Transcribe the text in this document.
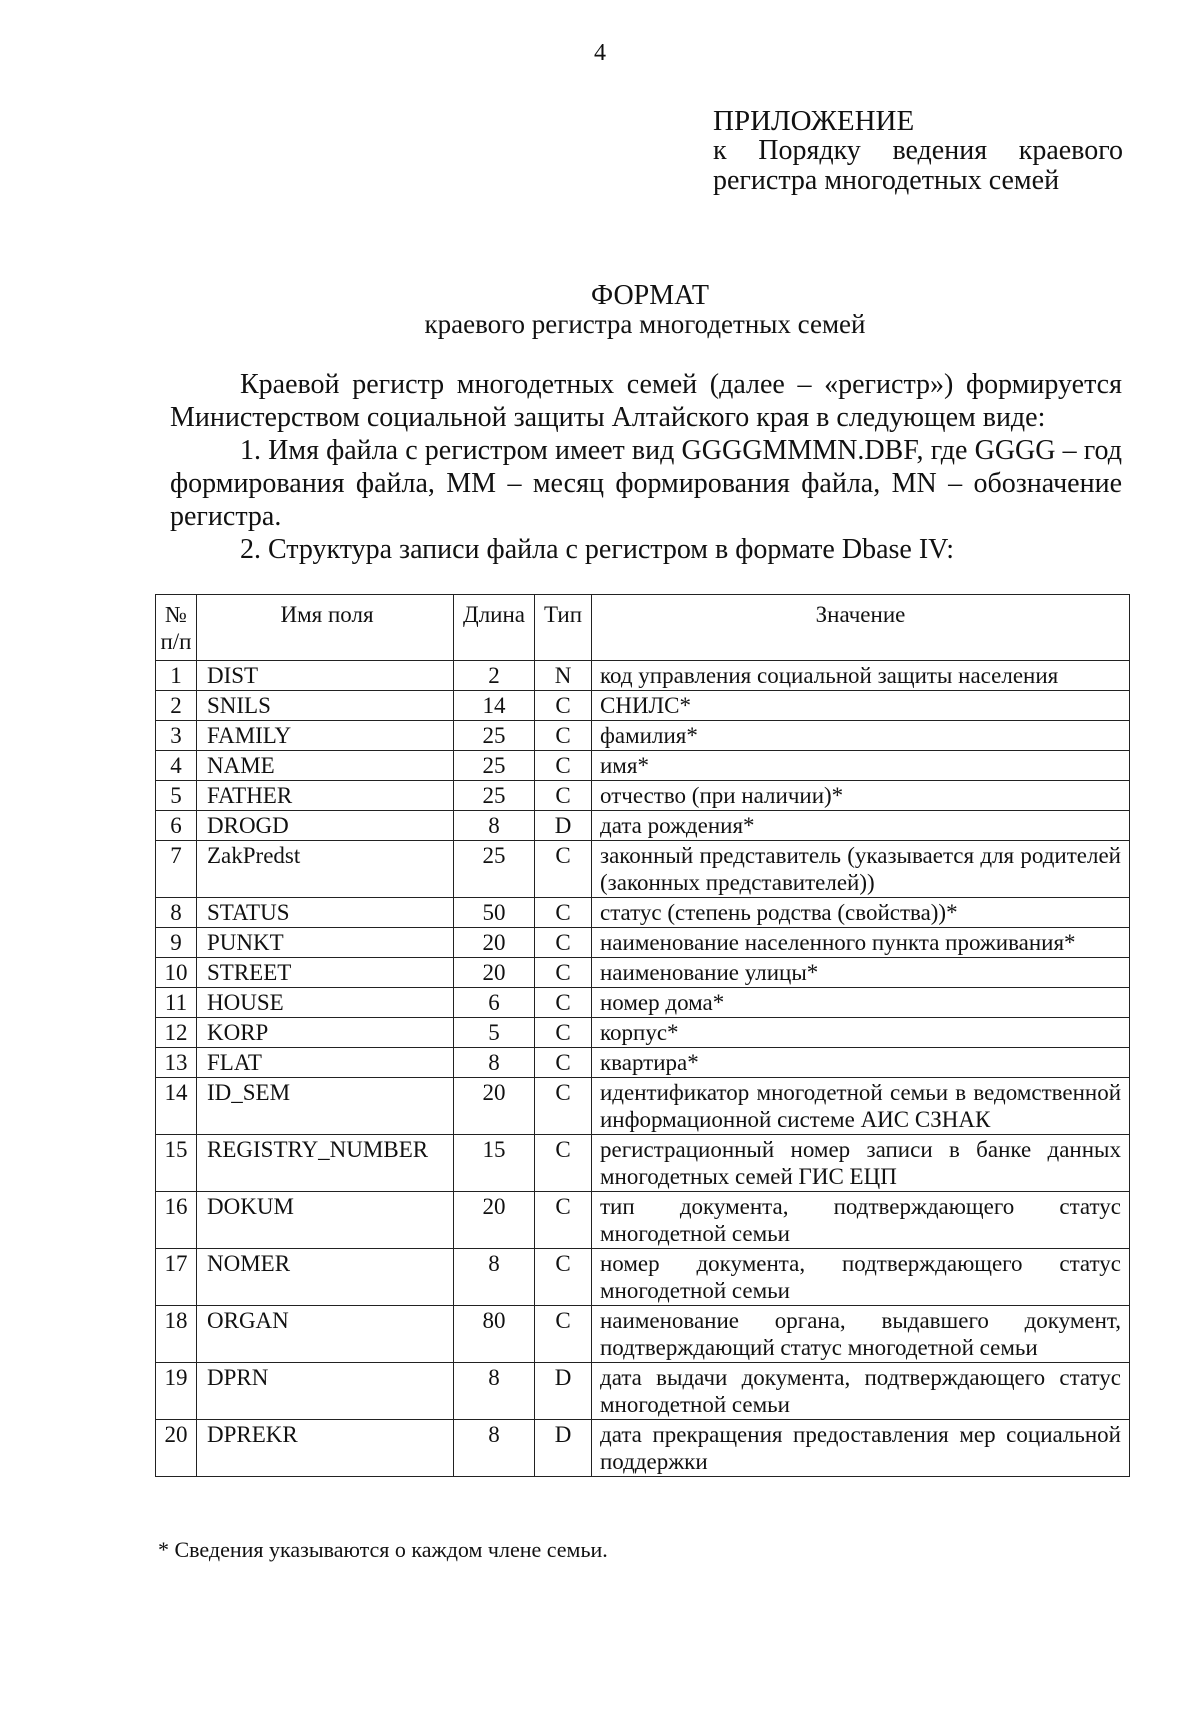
4
ПРИЛОЖЕНИЕ
к Порядку ведения краевого
регистра многодетных семей
ФОРМАТ
краевого регистра многодетных семей

Краевой регистр многодетных семей (далее – «регистр») формируется Министерством социальной защиты Алтайского края в следующем виде:

1. Имя файла с регистром имеет вид GGGGMMMN.DBF, где GGGG – год формирования файла, ММ – месяц формирования файла, MN – обозначение регистра.

2. Структура записи файла с регистром в формате Dbase IV:

№ п/п	Имя поля	Длина	Тип	Значение
1	DIST	2	N	код управления социальной защиты населения
2	SNILS	14	C	СНИЛС*
3	FAMILY	25	C	фамилия*
4	NAME	25	C	имя*
5	FATHER	25	C	отчество (при наличии)*
6	DROGD	8	D	дата рождения*
7	ZakPredst	25	C	законный представитель (указывается для родителей (законных представителей))
8	STATUS	50	C	статус (степень родства (свойства))*
9	PUNKT	20	C	наименование населенного пункта проживания*
10	STREET	20	C	наименование улицы*
11	HOUSE	6	C	номер дома*
12	KORP	5	C	корпус*
13	FLAT	8	C	квартира*
14	ID_SEM	20	C	идентификатор многодетной семьи в ведомственной информационной системе АИС СЗНАК
15	REGISTRY_NUMBER	15	C	регистрационный номер записи в банке данных многодетных семей ГИС ЕЦП
16	DOKUM	20	C	тип документа, подтверждающего статус многодетной семьи
17	NOMER	8	C	номер документа, подтверждающего статус многодетной семьи
18	ORGAN	80	C	наименование органа, выдавшего документ, подтверждающий статус многодетной семьи
19	DPRN	8	D	дата выдачи документа, подтверждающего статус многодетной семьи
20	DPREKR	8	D	дата прекращения предоставления мер социальной поддержки
* Сведения указываются о каждом члене семьи.
